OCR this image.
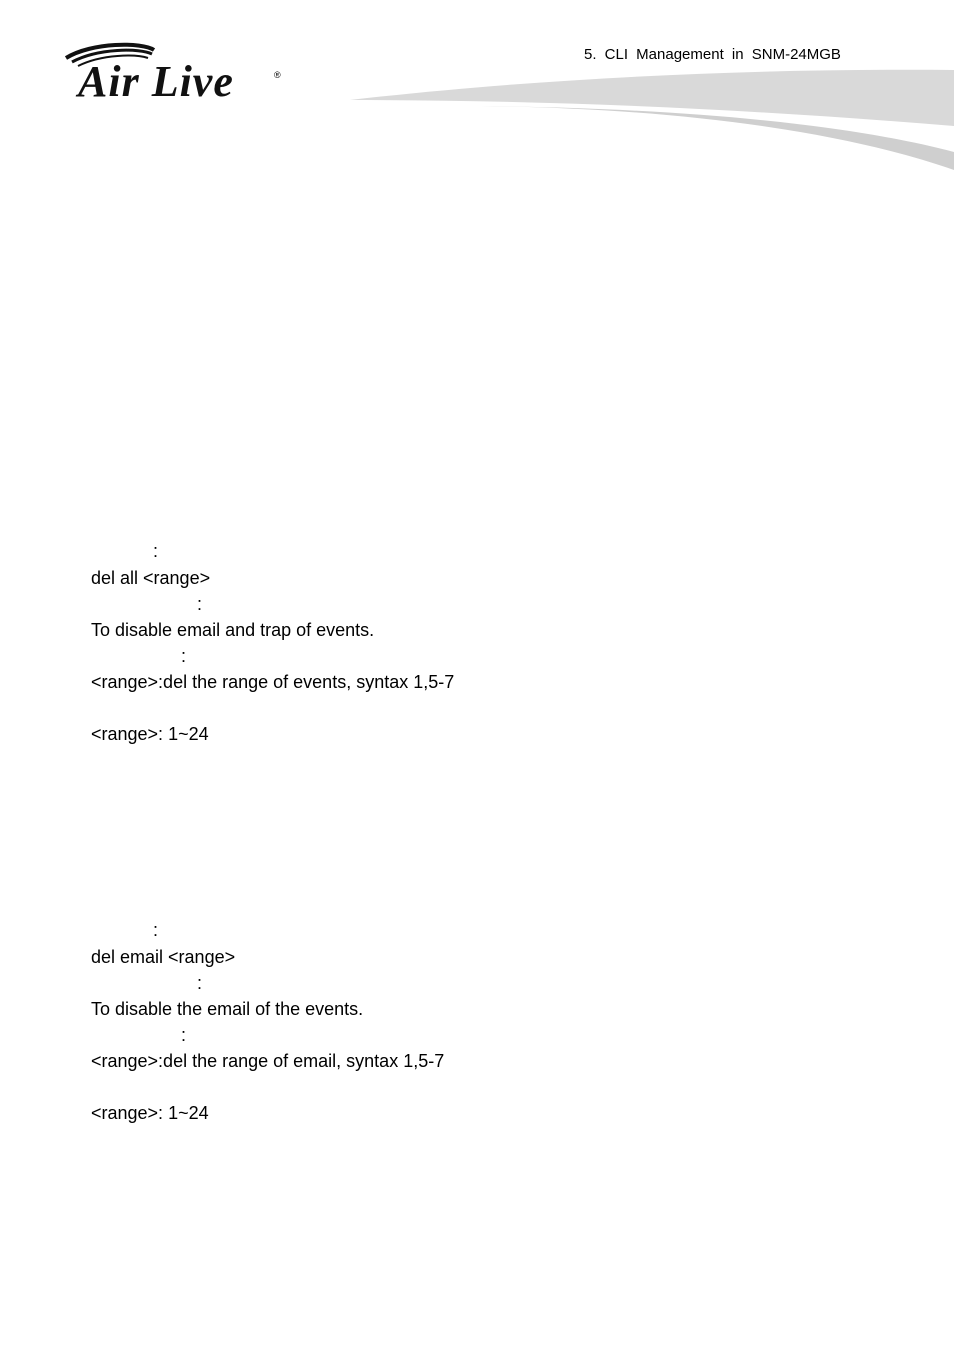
Air Live	®
5. CLI Management in SNM-24MGB
:
del all <range>
:
To disable email and trap of events.
:
<range>:del the range of events, syntax 1,5-7
<range>: 1~24
:
del email <range>
:
To disable the email of the events.
:
<range>:del the range of email, syntax 1,5-7
<range>: 1~24
